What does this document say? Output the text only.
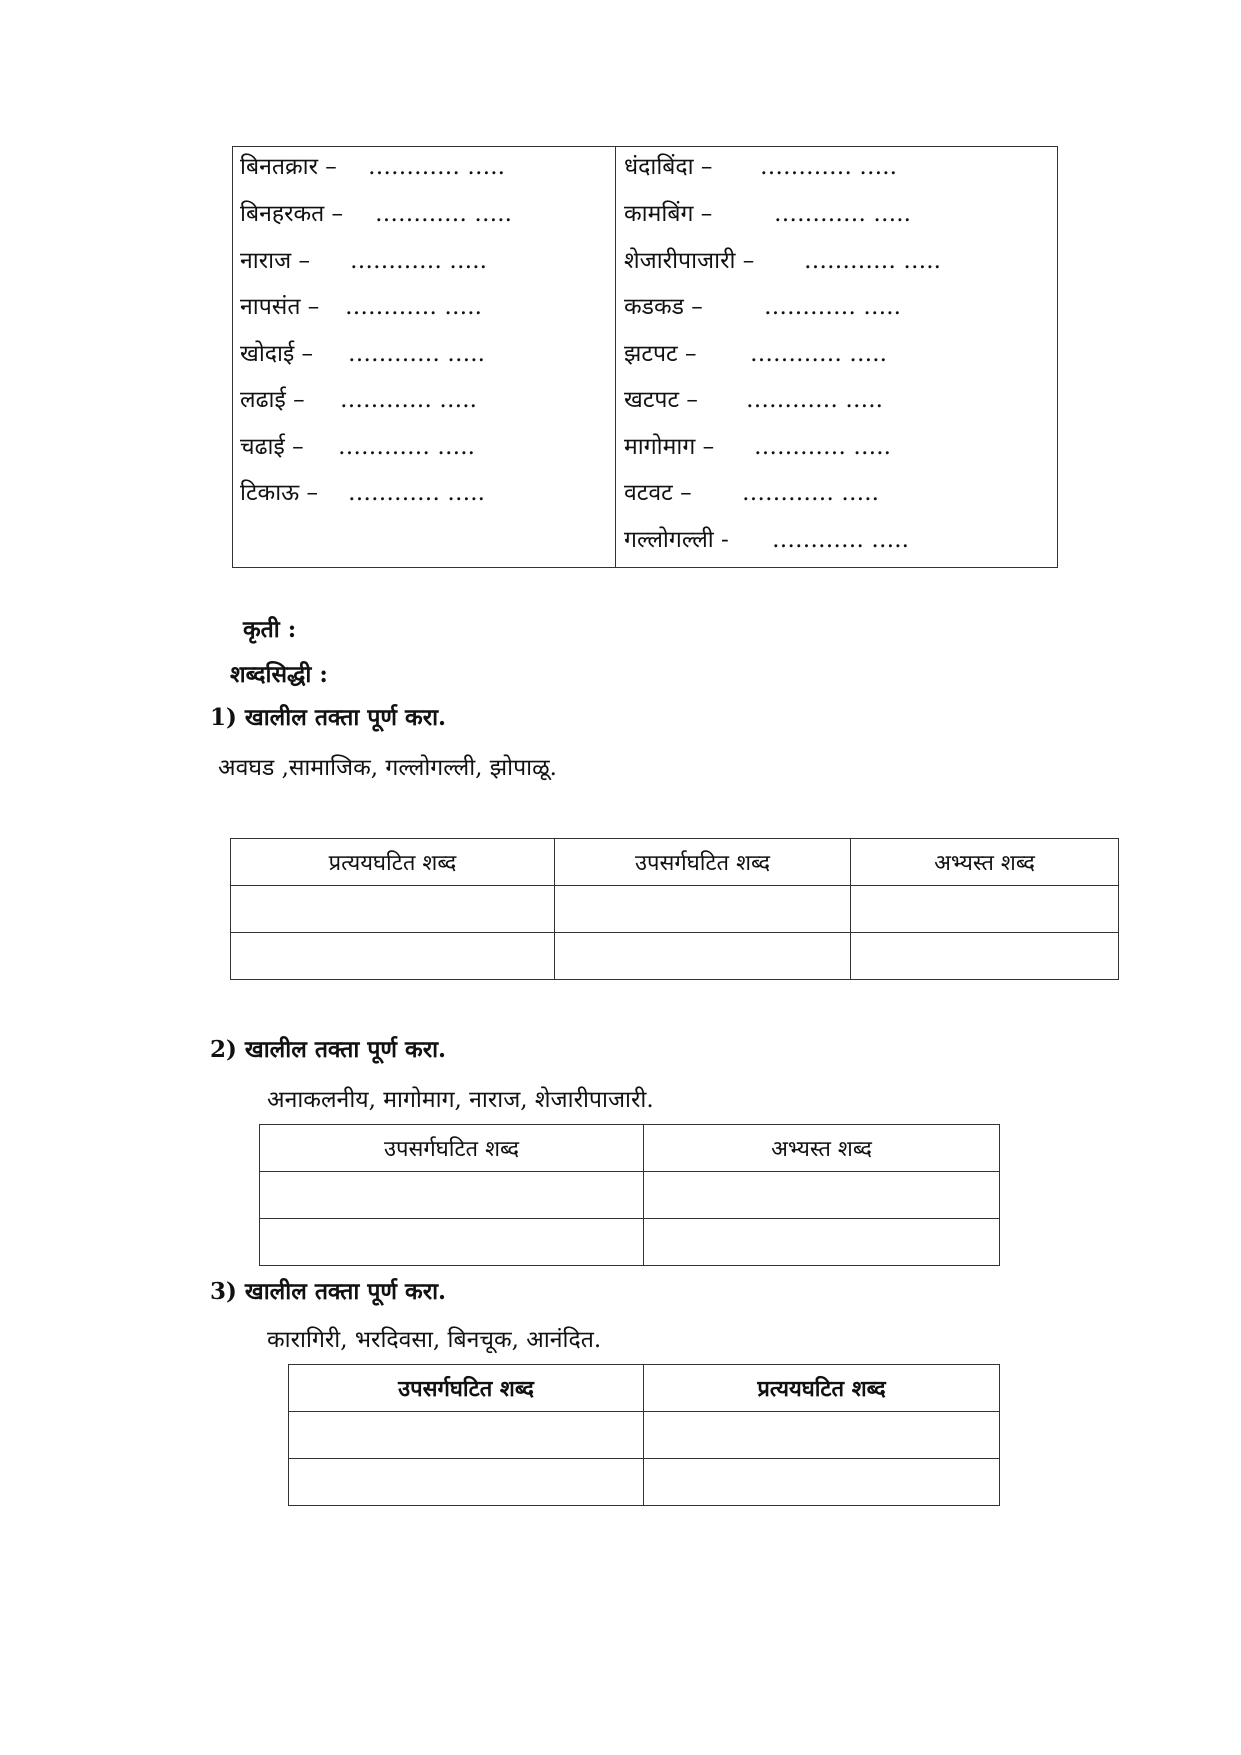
बिनतक्रार – ………… …..
बिनहरकत – ………… …..
नाराज – ………… …..
नापसंत – ………… …..
खोदाई – ………… …..
लढाई – ………… …..
चढाई – ………… …..
टिकाऊ – ………… …..
धंदाबिंदा – ………… …..
कामबिंग –	………… …..
शेजारीपाजारी – ………… …..
कडकड –	………… …..
झटपट – ………… …..
खटपट – ………… …..
मागोमाग – ………… …..
वटवट – ………… …..
गल्लोगल्ली - ………… …..
कृती :
शब्दसिद्धी :
1) खालील तक्ता पूर्ण करा.
अवघड ,सामाजिक, गल्लोगल्ली, झोपाळू.
प्रत्ययघटित शब्द	उपसर्गघटित शब्द	अभ्यस्त शब्द

2) खालील तक्ता पूर्ण करा.
अनाकलनीय, मागोमाग, नाराज, शेजारीपाजारी.
उपसर्गघटित शब्द	अभ्यस्त शब्द

3) खालील तक्ता पूर्ण करा.
कारागिरी, भरदिवसा, बिनचूक, आनंदित.
उपसर्गघटित शब्द	प्रत्ययघटित शब्द
